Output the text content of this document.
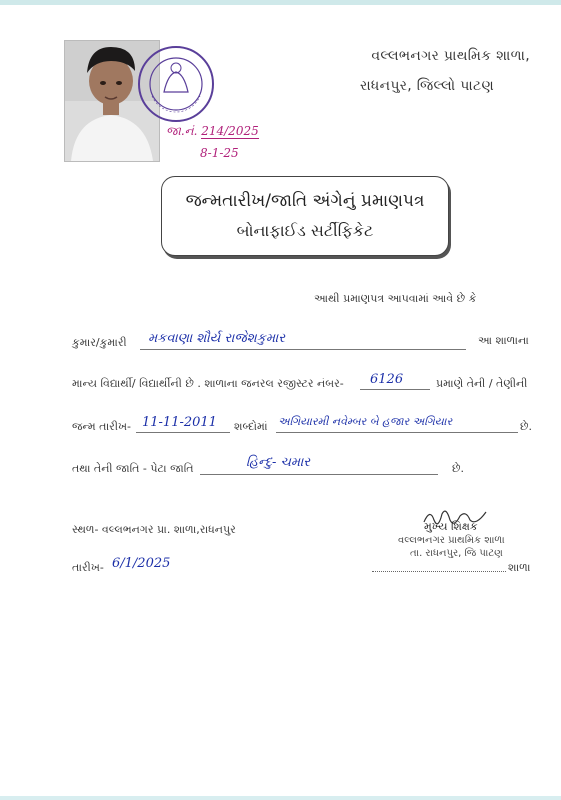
વલ્લભનગર પ્રાથમિક શાળા,
રાધનપુર, જિલ્લો પાટણ
જા.નં. 214/2025
8-1-25
જન્મતારીખ/જાતિ અંગેનું પ્રમાણપત્ર
બોનાફાઈડ સર્ટીફિકેટ
આથી પ્રમાણપત્ર આપવામાં આવે છે કે
કુમાર/કુમારી મકવાણા શૌર્ય રાજેશકુમાર	આ શાળાના
માન્ય વિદ્યાર્થી/ વિદ્યાર્થીની છે . શાળાના જનરલ રજીસ્ટર નંબર- 6126	પ્રમાણે તેની / તેણીની
જન્મ તારીખ- 11-11-2011 શબ્દોમાં અગિયારમી નવેમ્બર બે હજાર અગિયાર	છે.
તથા તેની જાતિ - પેટા જાતિ	હિન્દુ- ચમાર	છે.
મુખ્ય શિક્ષક
વલ્લભનગર પ્રાથમિક શાળા
તા. રાધનપુર, જિ પાટણ
સ્થળ- વલ્લભનગર પ્રા. શાળા,રાધનપુર
તારીખ- 6/1/2025	શાળા
